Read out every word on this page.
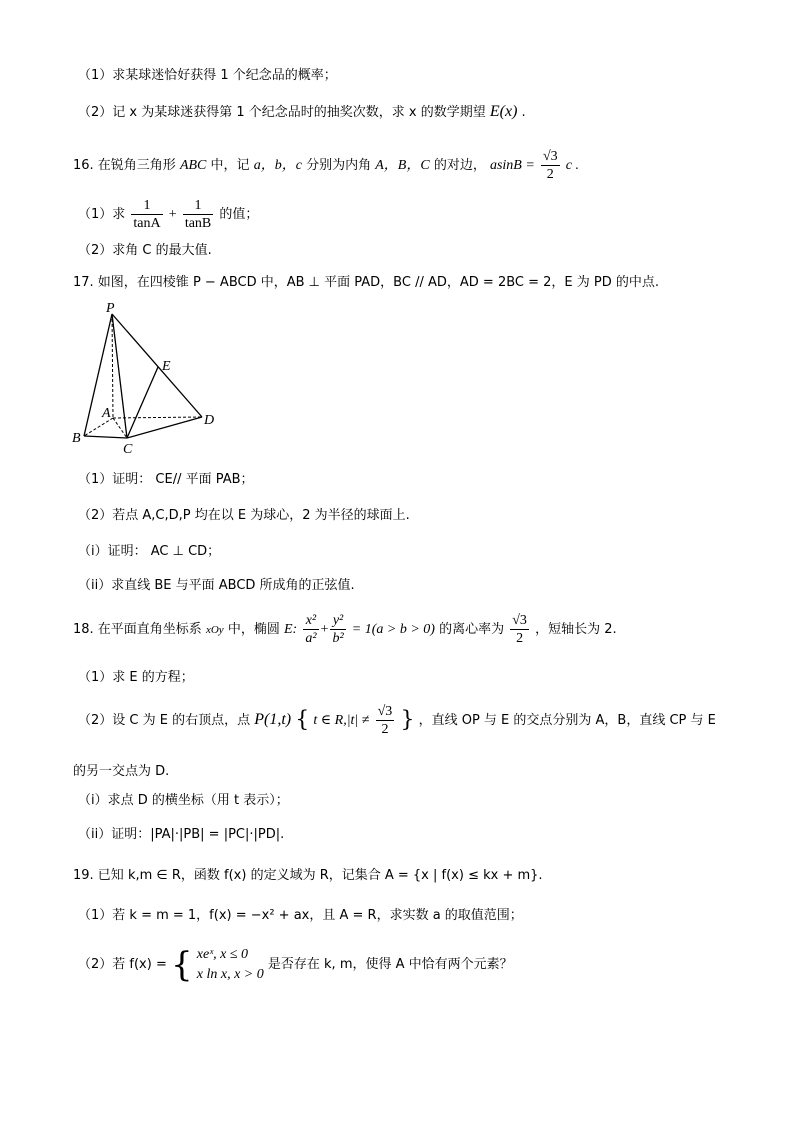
（1）求某球迷恰好获得 1 个纪念品的概率；
（2）记 x 为某球迷获得第 1 个纪念品时的抽奖次数，求 x 的数学期望 E(x) .
16. 在锐角三角形 ABC 中，记 a，b，c 分别为内角 A，B，C 的对边， $asinB = \frac{√3}{2}$ c .
（1）求 $\frac{1}{\tan A} + \frac{1}{\tan B}$ 的值；
（2）求角 C 的最大值.
17. 如图，在四棱锥 P − ABCD 中，AB ⊥ 平面 PAD，BC // AD，AD = 2BC = 2，E 为 PD 的中点.
P
E
A	D
B
C
（1）证明： CE// 平面 PAB；
（2）若点 A,C,D,P 均在以 E 为球心，2 为半径的球面上.
（i）证明： AC ⊥ CD；
（ii）求直线 BE 与平面 ABCD 所成角的正弦值.
18. 在平面直角坐标系 xOy 中，椭圆 E: $\frac{\text{x²}}{\text{a²}} + \frac{\text{y²}}{\text{b²}} = 1(a > b > 0)$ 的离心率为 $\frac{√3}{2}$ ，短轴长为 2.
（1）求 E 的方程；
（2）设 C 为 E 的右顶点，点 P(1,t) { t ∈ $R,|t| \ne \frac{√3}{2}$ } ，直线 OP 与 E 的交点分别为 A，B，直线 CP 与 E
的另一交点为 D.
（i）求点 D 的横坐标（用 t 表示）；
（ii）证明：|PA|·|PB| = |PC|·|PD|.
19. 已知 k,m ∈ R，函数 f(x) 的定义域为 R，记集合 A = {x | f(x) ≤ kx + m}.
（1）若 k = m = 1，f(x) = −x² + ax，且 A = R，求实数 a 的取值范围；
（2）若 f(x) = { xeˣ, x ≤ 0
x ln x, x > 0
是否存在 k, m，使得 A 中恰有两个元素？
